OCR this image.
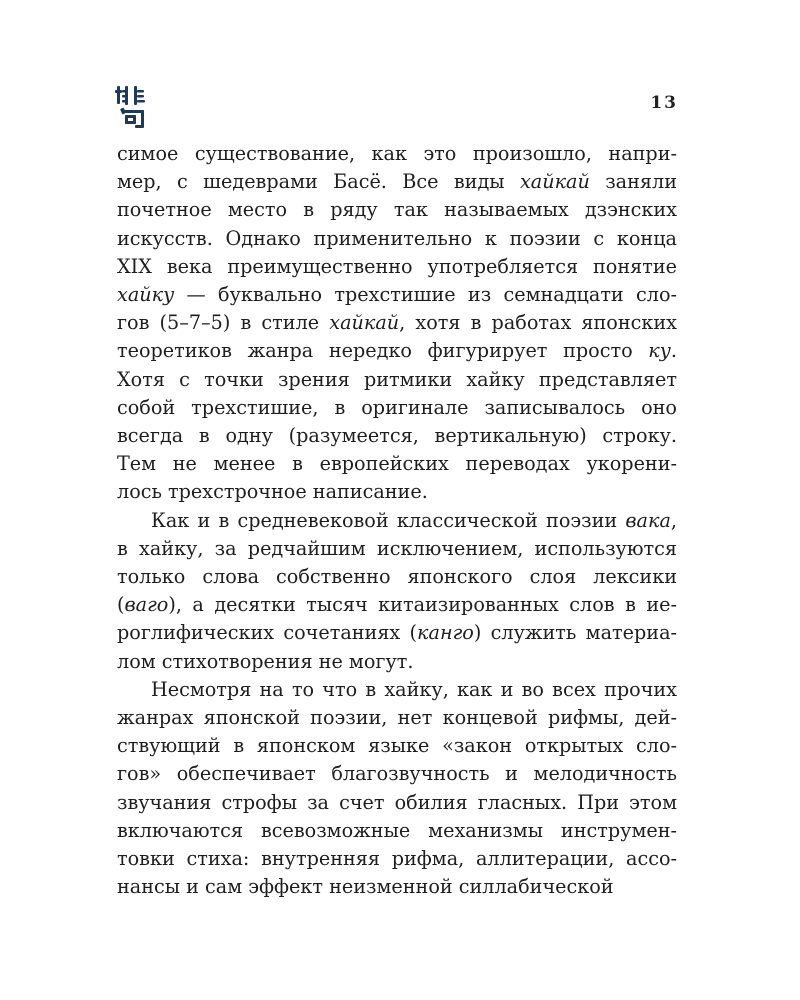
13
симое существование, как это произошло, напри-
мер, с шедеврами Басё. Все виды хайкай заняли
почетное место в ряду так называемых дзэнских
искусств. Однако применительно к поэзии с конца
XIX века преимущественно употребляется понятие
хайку — буквально трехстишие из семнадцати сло-
гов (5–7–5) в стиле хайкай, хотя в работах японских
теоретиков жанра нередко фигурирует просто ку.
Хотя с точки зрения ритмики хайку представляет
собой трехстишие, в оригинале записывалось оно
всегда в одну (разумеется, вертикальную) строку.
Тем не менее в европейских переводах укорени-
лось трехстрочное написание.
Как и в средневековой классической поэзии вака,
в хайку, за редчайшим исключением, используются
только слова собственно японского слоя лексики
(ваго), а десятки тысяч китаизированных слов в ие-
роглифических сочетаниях (канго) служить материа-
лом стихотворения не могут.
Несмотря на то что в хайку, как и во всех прочих
жанрах японской поэзии, нет концевой рифмы, дей-
ствующий в японском языке «закон открытых сло-
гов» обеспечивает благозвучность и мелодичность
звучания строфы за счет обилия гласных. При этом
включаются всевозможные механизмы инструмен-
товки стиха: внутренняя рифма, аллитерации, ассо-
нансы и сам эффект неизменной силлабической
